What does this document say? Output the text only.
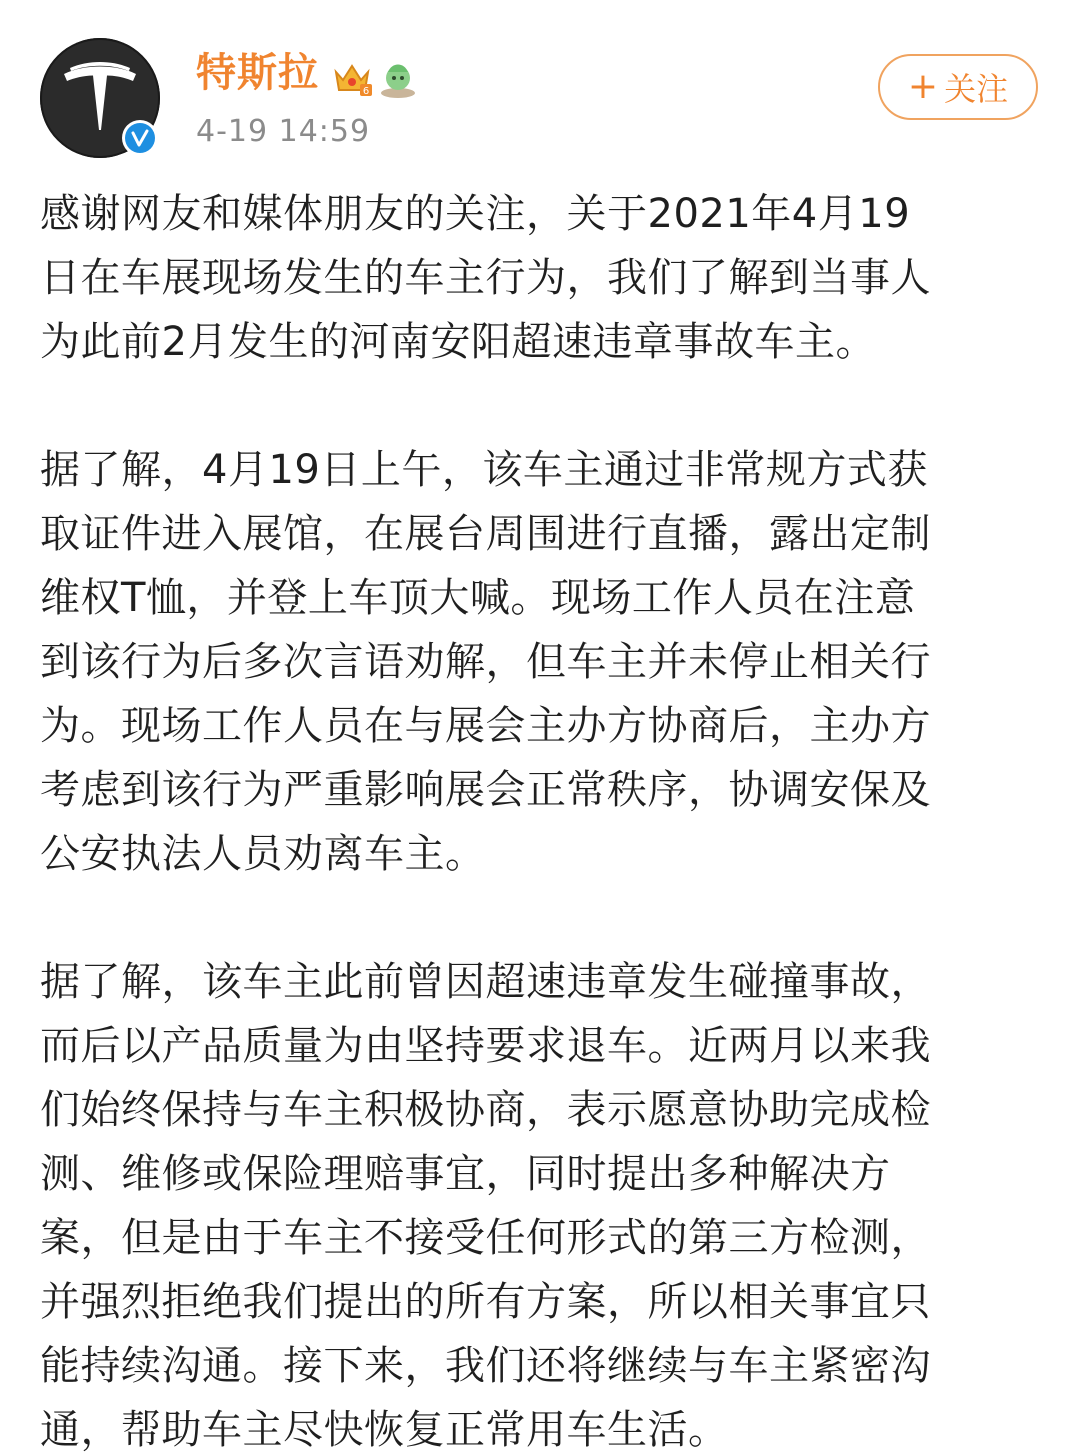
特斯拉	6
4-19 14:59
+ 关注

感谢网友和媒体朋友的关注，关于2021年4月19
日在车展现场发生的车主行为，我们了解到当事人
为此前2月发生的河南安阳超速违章事故车主。

据了解，4月19日上午，该车主通过非常规方式获
取证件进入展馆，在展台周围进行直播，露出定制
维权T恤，并登上车顶大喊。现场工作人员在注意
到该行为后多次言语劝解，但车主并未停止相关行
为。现场工作人员在与展会主办方协商后，主办方
考虑到该行为严重影响展会正常秩序，协调安保及
公安执法人员劝离车主。

据了解，该车主此前曾因超速违章发生碰撞事故，
而后以产品质量为由坚持要求退车。近两月以来我
们始终保持与车主积极协商，表示愿意协助完成检
测、维修或保险理赔事宜，同时提出多种解决方
案，但是由于车主不接受任何形式的第三方检测，
并强烈拒绝我们提出的所有方案，所以相关事宜只
能持续沟通。接下来，我们还将继续与车主紧密沟
通，帮助车主尽快恢复正常用车生活。
